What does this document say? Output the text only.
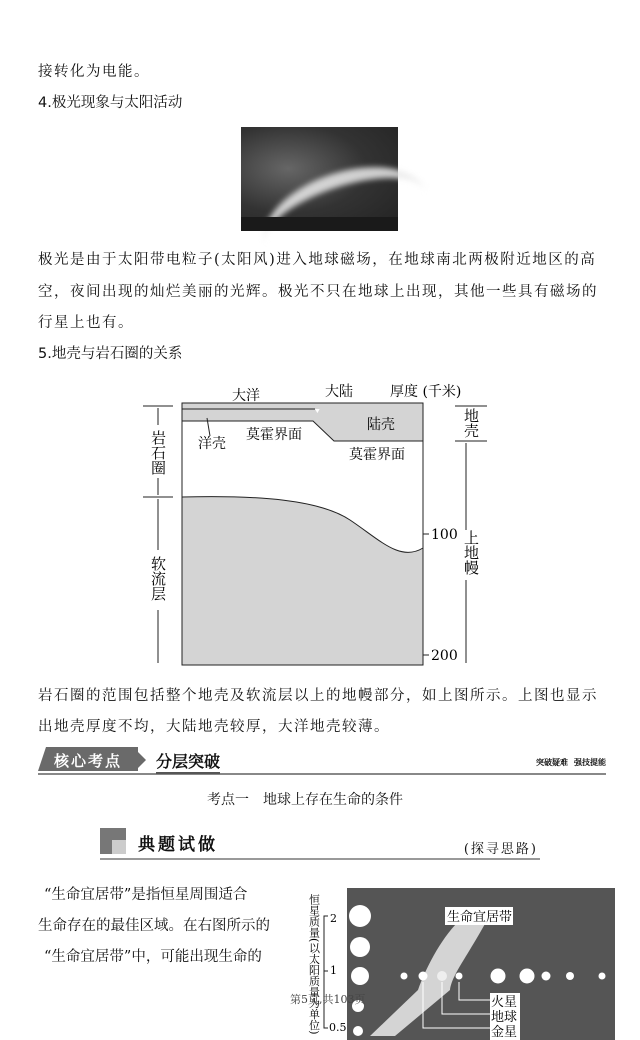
接转化为电能。
4.极光现象与太阳活动
极光是由于太阳带电粒子(太阳风)进入地球磁场，在地球南北两极附近地区的高
空，夜间出现的灿烂美丽的光辉。极光不只在地球上出现，其他一些具有磁场的
行星上也有。
5.地壳与岩石圈的关系
大洋	大陆	厚度 (千米)
洋壳
莫霍界面
陆壳
莫霍界面
100
200
岩石圈
软流层
地壳
上地幔
岩石圈的范围包括整个地壳及软流层以上的地幔部分，如上图所示。上图也显示
出地壳厚度不均，大陆地壳较厚，大洋地壳较薄。
核心考点 分层突破	突破疑难 强技提能
考点一　地球上存在生命的条件
典题试做	(探寻思路)
“生命宜居带”是指恒星周围适合
生命存在的最佳区域。在右图所示的
“生命宜居带”中，可能出现生命的
生命宜居带
火星
地球
金星
2
1
0.5
恒星质量(以太阳质量为单位)
第5页,共103页
